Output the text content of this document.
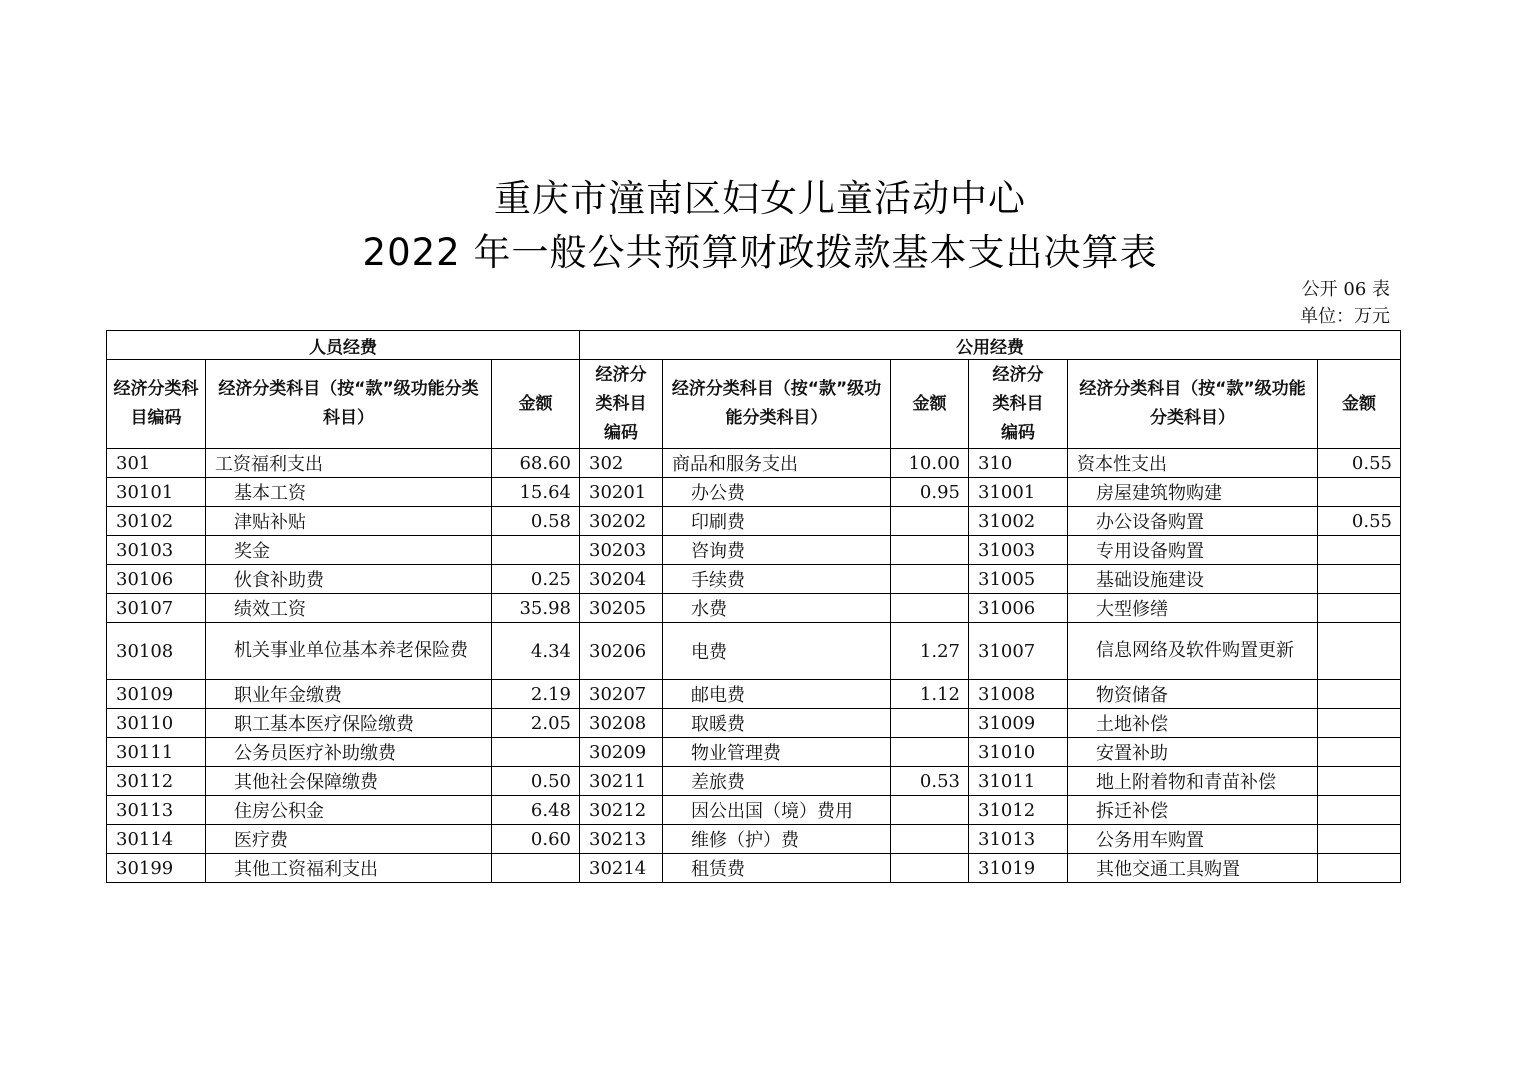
重庆市潼南区妇女儿童活动中心
2022 年一般公共预算财政拨款基本支出决算表
公开 06 表
单位：万元
人员经费			公用经费					
经济分类科目编码	经济分类科目（按“款”级功能分类科目）	金额	经济分类科目编码	经济分类科目（按“款”级功能分类科目）	金额	经济分类科目编码	经济分类科目（按“款”级功能分类科目）	金额
301	工资福利支出	68.60	302	商品和服务支出	10.00	310	资本性支出	0.55
30101	基本工资	15.64	30201	办公费	0.95	31001	房屋建筑物购建	
30102	津贴补贴	0.58	30202	印刷费		31002	办公设备购置	0.55
30103	奖金		30203	咨询费		31003	专用设备购置	
30106	伙食补助费	0.25	30204	手续费		31005	基础设施建设	
30107	绩效工资	35.98	30205	水费		31006	大型修缮	
30108	机关事业单位基本养老保险费	4.34	30206	电费	1.27	31007	信息网络及软件购置更新	
30109	职业年金缴费	2.19	30207	邮电费	1.12	31008	物资储备	
30110	职工基本医疗保险缴费	2.05	30208	取暖费		31009	土地补偿	
30111	公务员医疗补助缴费		30209	物业管理费		31010	安置补助	
30112	其他社会保障缴费	0.50	30211	差旅费	0.53	31011	地上附着物和青苗补偿	
30113	住房公积金	6.48	30212	因公出国（境）费用		31012	拆迁补偿	
30114	医疗费	0.60	30213	维修（护）费		31013	公务用车购置	
30199	其他工资福利支出		30214	租赁费		31019	其他交通工具购置	
